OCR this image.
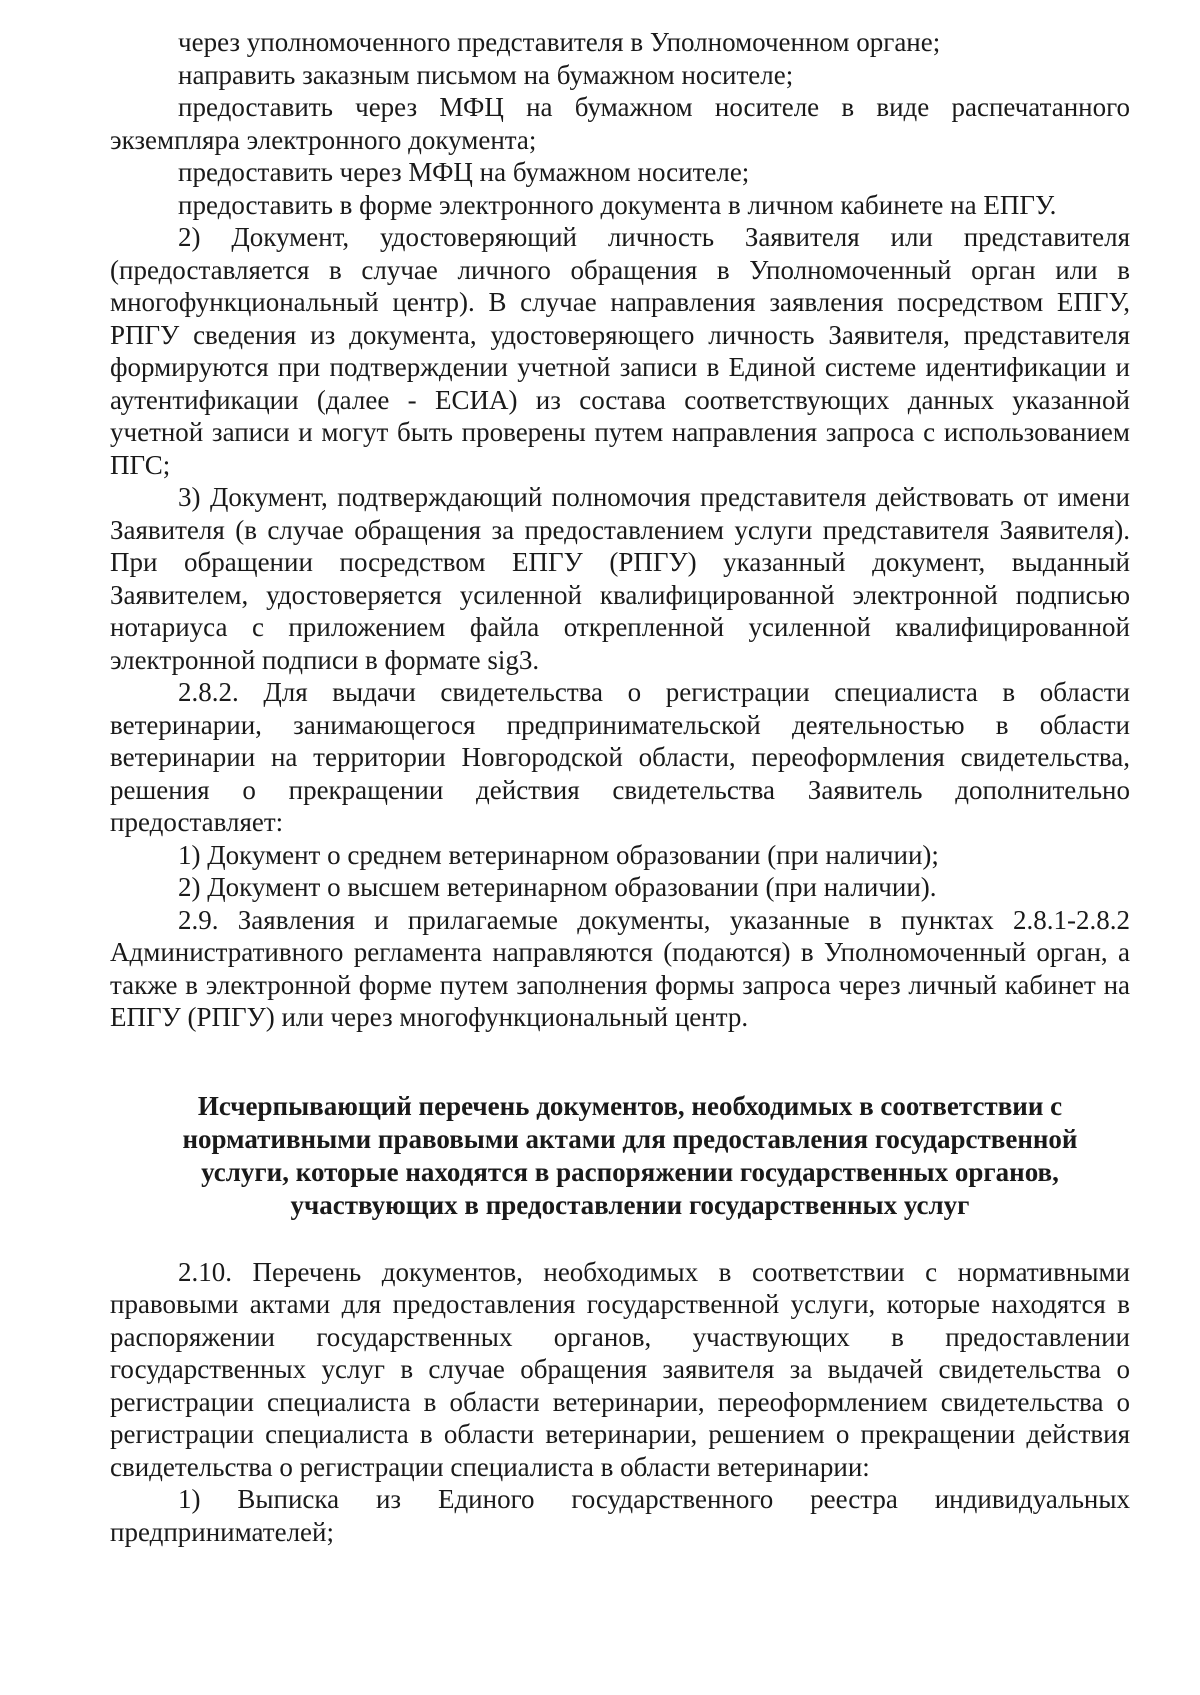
через уполномоченного представителя в Уполномоченном органе;

направить заказным письмом на бумажном носителе;

предоставить через МФЦ на бумажном носителе в виде распечатанного экземпляра электронного документа;

предоставить через МФЦ на бумажном носителе;

предоставить в форме электронного документа в личном кабинете на ЕПГУ.

2) Документ, удостоверяющий личность Заявителя или представителя (предоставляется в случае личного обращения в Уполномоченный орган или в многофункциональный центр). В случае направления заявления посредством ЕПГУ, РПГУ сведения из документа, удостоверяющего личность Заявителя, представителя формируются при подтверждении учетной записи в Единой системе идентификации и аутентификации (далее - ЕСИА) из состава соответствующих данных указанной учетной записи и могут быть проверены путем направления запроса с использованием ПГС;

3) Документ, подтверждающий полномочия представителя действовать от имени Заявителя (в случае обращения за предоставлением услуги представителя Заявителя). При обращении посредством ЕПГУ (РПГУ) указанный документ, выданный Заявителем, удостоверяется усиленной квалифицированной электронной подписью нотариуса с приложением файла открепленной усиленной квалифицированной электронной подписи в формате sig3.

2.8.2. Для выдачи свидетельства о регистрации специалиста в области ветеринарии, занимающегося предпринимательской деятельностью в области ветеринарии на территории Новгородской области, переоформления свидетельства, решения о прекращении действия свидетельства Заявитель дополнительно предоставляет:

1) Документ о среднем ветеринарном образовании (при наличии);

2) Документ о высшем ветеринарном образовании (при наличии).

2.9. Заявления и прилагаемые документы, указанные в пунктах 2.8.1-2.8.2 Административного регламента направляются (подаются) в Уполномоченный орган, а также в электронной форме путем заполнения формы запроса через личный кабинет на ЕПГУ (РПГУ) или через многофункциональный центр.

Исчерпывающий перечень документов, необходимых в соответствии с
нормативными правовыми актами для предоставления государственной
услуги, которые находятся в распоряжении государственных органов,
участвующих в предоставлении государственных услуг

2.10. Перечень документов, необходимых в соответствии с нормативными правовыми актами для предоставления государственной услуги, которые находятся в распоряжении государственных органов, участвующих в предоставлении государственных услуг в случае обращения заявителя за выдачей свидетельства о регистрации специалиста в области ветеринарии, переоформлением свидетельства о регистрации специалиста в области ветеринарии, решением о прекращении действия свидетельства о регистрации специалиста в области ветеринарии:

1) Выписка из Единого государственного реестра индивидуальных предпринимателей;
